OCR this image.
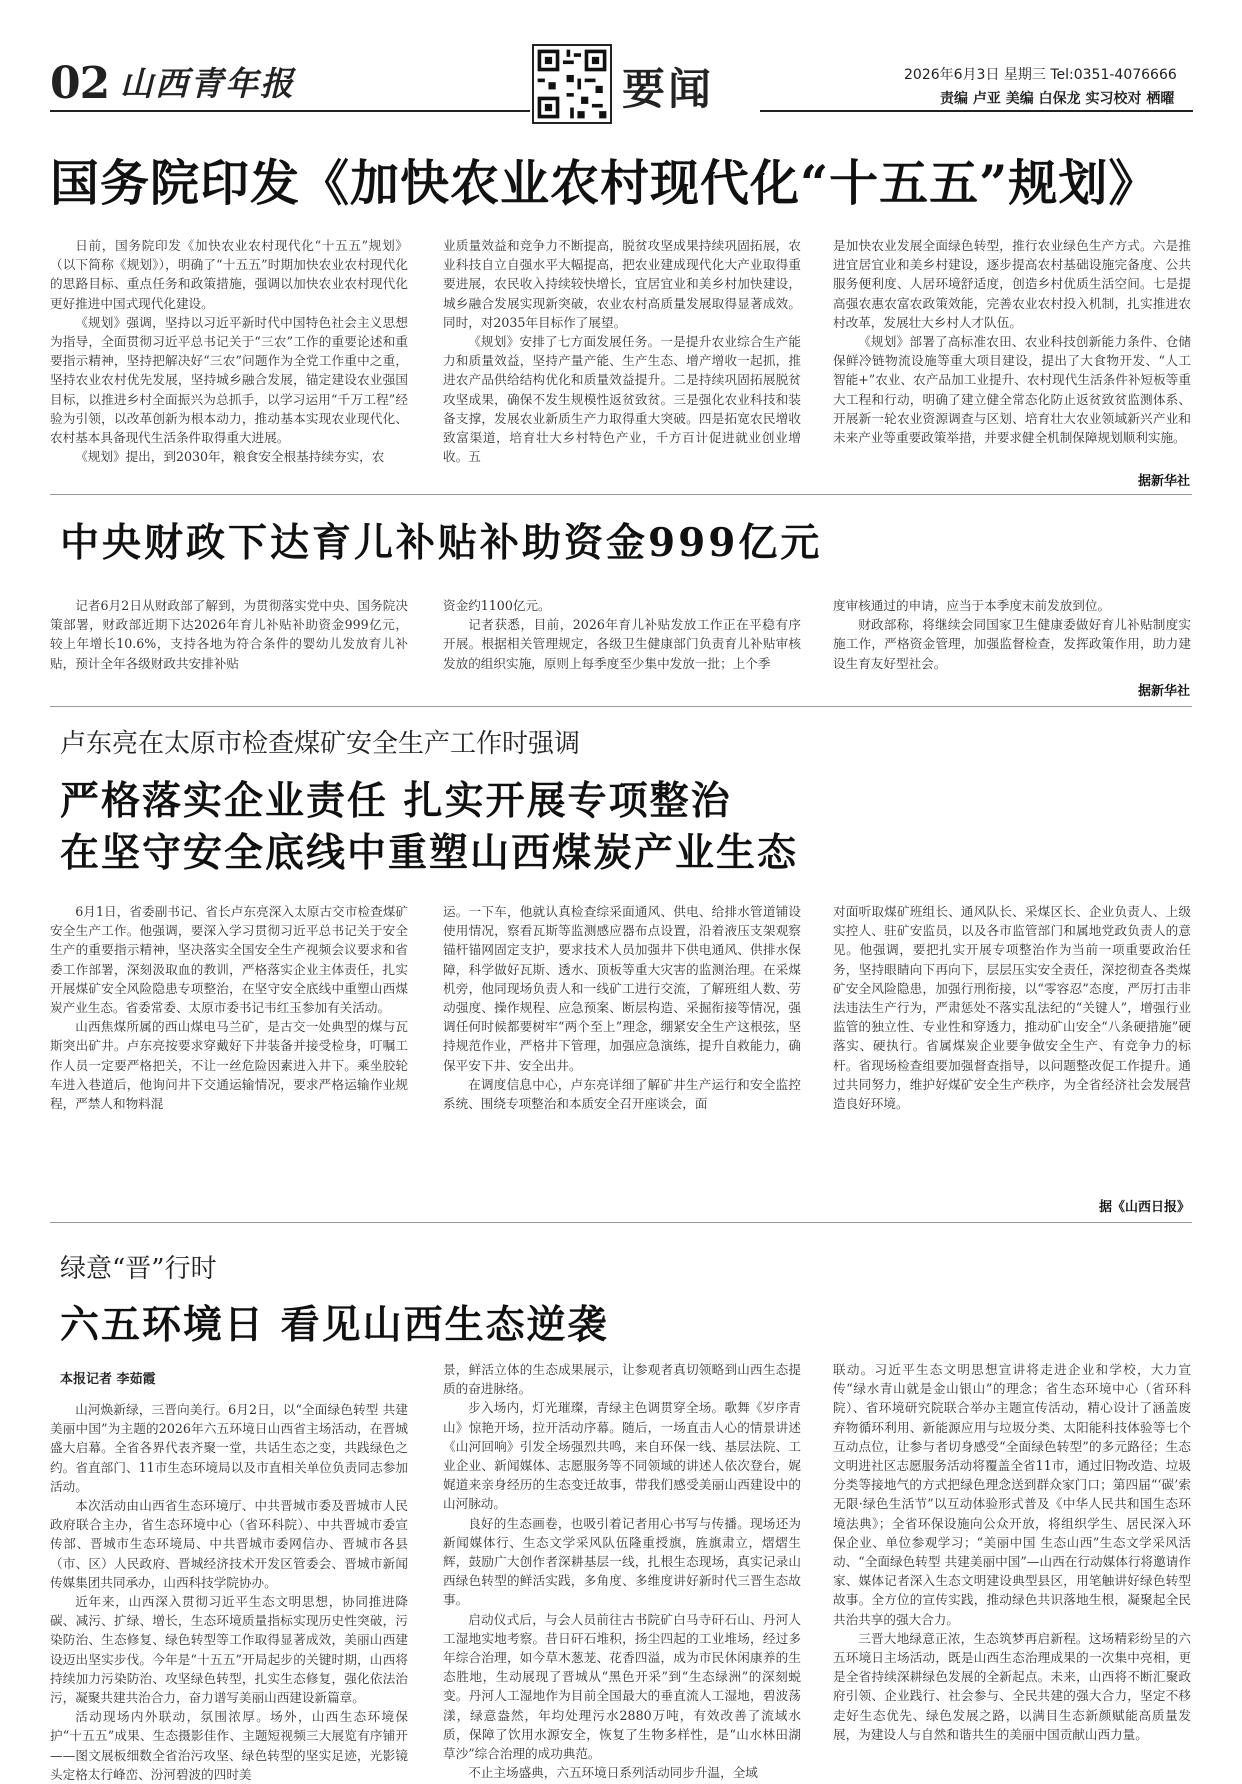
02 山西青年报	要闻	2026年6月3日 星期三 Tel:0351-4076666
责编 卢亚 美编 白保龙 实习校对 栖曜
国务院印发《加快农业农村现代化“十五五”规划》

日前，国务院印发《加快农业农村现代化“十五五”规划》（以下简称《规划》），明确了“十五五”时期加快农业农村现代化的思路目标、重点任务和政策措施，强调以加快农业农村现代化更好推进中国式现代化建设。

《规划》强调，坚持以习近平新时代中国特色社会主义思想为指导，全面贯彻习近平总书记关于“三农”工作的重要论述和重要指示精神，坚持把解决好“三农”问题作为全党工作重中之重，坚持农业农村优先发展，坚持城乡融合发展，锚定建设农业强国目标，以推进乡村全面振兴为总抓手，以学习运用“千万工程”经验为引领，以改革创新为根本动力，推动基本实现农业现代化、农村基本具备现代生活条件取得重大进展。

《规划》提出，到2030年，粮食安全根基持续夯实，农

业质量效益和竞争力不断提高，脱贫攻坚成果持续巩固拓展，农业科技自立自强水平大幅提高，把农业建成现代化大产业取得重要进展，农民收入持续较快增长，宜居宜业和美乡村加快建设，城乡融合发展实现新突破，农业农村高质量发展取得显著成效。同时，对2035年目标作了展望。

《规划》安排了七方面发展任务。一是提升农业综合生产能力和质量效益，坚持产量产能、生产生态、增产增收一起抓，推进农产品供给结构优化和质量效益提升。二是持续巩固拓展脱贫攻坚成果，确保不发生规模性返贫致贫。三是强化农业科技和装备支撑，发展农业新质生产力取得重大突破。四是拓宽农民增收致富渠道，培育壮大乡村特色产业，千方百计促进就业创业增收。五

是加快农业发展全面绿色转型，推行农业绿色生产方式。六是推进宜居宜业和美乡村建设，逐步提高农村基础设施完备度、公共服务便利度、人居环境舒适度，创造乡村优质生活空间。七是提高强农惠农富农政策效能，完善农业农村投入机制，扎实推进农村改革，发展壮大乡村人才队伍。

《规划》部署了高标准农田、农业科技创新能力条件、仓储保鲜冷链物流设施等重大项目建设，提出了大食物开发、“人工智能+”农业、农产品加工业提升、农村现代生活条件补短板等重大工程和行动，明确了建立健全常态化防止返贫致贫监测体系、开展新一轮农业资源调查与区划、培育壮大农业领域新兴产业和未来产业等重要政策举措，并要求健全机制保障规划顺利实施。

据新华社
中央财政下达育儿补贴补助资金999亿元

记者6月2日从财政部了解到，为贯彻落实党中央、国务院决策部署，财政部近期下达2026年育儿补贴补助资金999亿元，较上年增长10.6%，支持各地为符合条件的婴幼儿发放育儿补贴，预计全年各级财政共安排补贴

资金约1100亿元。

记者获悉，目前，2026年育儿补贴发放工作正在平稳有序开展。根据相关管理规定，各级卫生健康部门负责育儿补贴审核发放的组织实施，原则上每季度至少集中发放一批；上个季

度审核通过的申请，应当于本季度末前发放到位。

财政部称，将继续会同国家卫生健康委做好育儿补贴制度实施工作，严格资金管理，加强监督检查，发挥政策作用，助力建设生育友好型社会。

据新华社
卢东亮在太原市检查煤矿安全生产工作时强调
严格落实企业责任 扎实开展专项整治
在坚守安全底线中重塑山西煤炭产业生态

6月1日，省委副书记、省长卢东亮深入太原古交市检查煤矿安全生产工作。他强调，要深入学习贯彻习近平总书记关于安全生产的重要指示精神，坚决落实全国安全生产视频会议要求和省委工作部署，深刻汲取血的教训，严格落实企业主体责任，扎实开展煤矿安全风险隐患专项整治，在坚守安全底线中重塑山西煤炭产业生态。省委常委、太原市委书记韦红玉参加有关活动。

山西焦煤所属的西山煤电马兰矿，是古交一处典型的煤与瓦斯突出矿井。卢东亮按要求穿戴好下井装备并接受检身，叮嘱工作人员一定要严格把关，不让一丝危险因素进入井下。乘坐胶轮车进入巷道后，他询问井下交通运输情况，要求严格运输作业规程，严禁人和物料混

运。一下车，他就认真检查综采面通风、供电、给排水管道铺设使用情况，察看瓦斯等监测感应器布点设置，沿着液压支架观察锚杆锚网固定支护，要求技术人员加强井下供电通风、供排水保障，科学做好瓦斯、透水、顶板等重大灾害的监测治理。在采煤机旁，他同现场负责人和一线矿工进行交流，了解班组人数、劳动强度、操作规程、应急预案、断层构造、采掘衔接等情况，强调任何时候都要树牢“两个至上”理念，绷紧安全生产这根弦，坚持规范作业，严格井下管理，加强应急演练，提升自救能力，确保平安下井、安全出井。

在调度信息中心，卢东亮详细了解矿井生产运行和安全监控系统、围绕专项整治和本质安全召开座谈会，面

对面听取煤矿班组长、通风队长、采煤区长、企业负责人、上级实控人、驻矿安监员，以及各市监管部门和属地党政负责人的意见。他强调，要把扎实开展专项整治作为当前一项重要政治任务，坚持眼睛向下再向下，层层压实安全责任，深挖彻查各类煤矿安全风险隐患，加强行刑衔接，以“零容忍”态度，严厉打击非法违法生产行为，严肃惩处不落实乱法纪的“关键人”，增强行业监管的独立性、专业性和穿透力，推动矿山安全“八条硬措施”硬落实、硬执行。省属煤炭企业要争做安全生产、有竞争力的标杆。省现场检查组要加强督查指导，以问题整改促工作提升。通过共同努力，维护好煤矿安全生产秩序，为全省经济社会发展营造良好环境。

据《山西日报》
绿意“晋”行时
六五环境日 看见山西生态逆袭
本报记者 李茹霞

山河焕新绿，三晋向美行。6月2日，以“全面绿色转型 共建美丽中国”为主题的2026年六五环境日山西省主场活动，在晋城盛大启幕。全省各界代表齐聚一堂，共话生态之变，共践绿色之约。省直部门、11市生态环境局以及市直相关单位负责同志参加活动。

本次活动由山西省生态环境厅、中共晋城市委及晋城市人民政府联合主办，省生态环境中心（省环科院）、中共晋城市委宣传部、晋城市生态环境局、中共晋城市委网信办、晋城市各县（市、区）人民政府、晋城经济技术开发区管委会、晋城市新闻传媒集团共同承办，山西科技学院协办。

近年来，山西深入贯彻习近平生态文明思想，协同推进降碳、减污、扩绿、增长，生态环境质量指标实现历史性突破，污染防治、生态修复、绿色转型等工作取得显著成效，美丽山西建设迈出坚实步伐。今年是“十五五”开局起步的关键时期，山西将持续加力污染防治、攻坚绿色转型，扎实生态修复，强化依法治污，凝聚共建共治合力，奋力谱写美丽山西建设新篇章。

活动现场内外联动，氛围浓厚。场外，山西生态环境保护“十五五”成果、生态摄影佳作、主题短视频三大展览有序铺开——图文展板细数全省治污攻坚、绿色转型的坚实足迹，光影镜头定格太行峰峦、汾河碧波的四时美

景，鲜活立体的生态成果展示，让参观者真切领略到山西生态提质的奋进脉络。

步入场内，灯光璀璨，青绿主色调贯穿全场。歌舞《岁序青山》惊艳开场，拉开活动序幕。随后，一场直击人心的情景讲述《山河回响》引发全场强烈共鸣，来自环保一线、基层法院、工业企业、新闻媒体、志愿服务等不同领域的讲述人依次登台，娓娓道来亲身经历的生态变迁故事，带我们感受美丽山西建设中的山河脉动。

良好的生态画卷，也吸引着记者用心书写与传播。现场还为新闻媒体行、生态文学采风队伍隆重授旗，旌旗肃立，熠熠生辉，鼓励广大创作者深耕基层一线，扎根生态现场，真实记录山西绿色转型的鲜活实践，多角度、多维度讲好新时代三晋生态故事。

启动仪式后，与会人员前往古书院矿白马寺矸石山、丹河人工湿地实地考察。昔日矸石堆积，扬尘四起的工业堆场，经过多年综合治理，如今草木葱茏、花香四溢，成为市民休闲康养的生态胜地，生动展现了晋城从“黑色开采”到“生态绿洲”的深刻蜕变。丹河人工湿地作为目前全国最大的垂直流人工湿地，碧波荡漾，绿意盎然，年均处理污水2880万吨，有效改善了流域水质，保障了饮用水源安全，恢复了生物多样性，是“山水林田湖草沙”综合治理的成功典范。

不止主场盛典，六五环境日系列活动同步升温，全域

联动。习近平生态文明思想宣讲将走进企业和学校，大力宣传“绿水青山就是金山银山”的理念；省生态环境中心（省环科院）、省环境研究院联合举办主题宣传活动，精心设计了涵盖废弃物循环利用、新能源应用与垃圾分类、太阳能科技体验等七个互动点位，让参与者切身感受“全面绿色转型”的多元路径；生态文明进社区志愿服务活动将覆盖全省11市，通过旧物改造、垃圾分类等接地气的方式把绿色理念送到群众家门口；第四届“‘碳’索无限·绿色生活节”以互动体验形式普及《中华人民共和国生态环境法典》；全省环保设施向公众开放，将组织学生、居民深入环保企业、单位参观学习；“美丽中国 生态山西”生态文学采风活动、“全面绿色转型 共建美丽中国”—山西在行动媒体行将邀请作家、媒体记者深入生态文明建设典型县区，用笔触讲好绿色转型故事。全方位的宣传实践，推动绿色共识落地生根，凝聚起全民共治共享的强大合力。

三晋大地绿意正浓，生态筑梦再启新程。这场精彩纷呈的六五环境日主场活动，既是山西生态治理成果的一次集中亮相，更是全省持续深耕绿色发展的全新起点。未来，山西将不断汇聚政府引领、企业践行、社会参与、全民共建的强大合力，坚定不移走好生态优先、绿色发展之路，以满目生态新颜赋能高质量发展，为建设人与自然和谐共生的美丽中国贡献山西力量。
